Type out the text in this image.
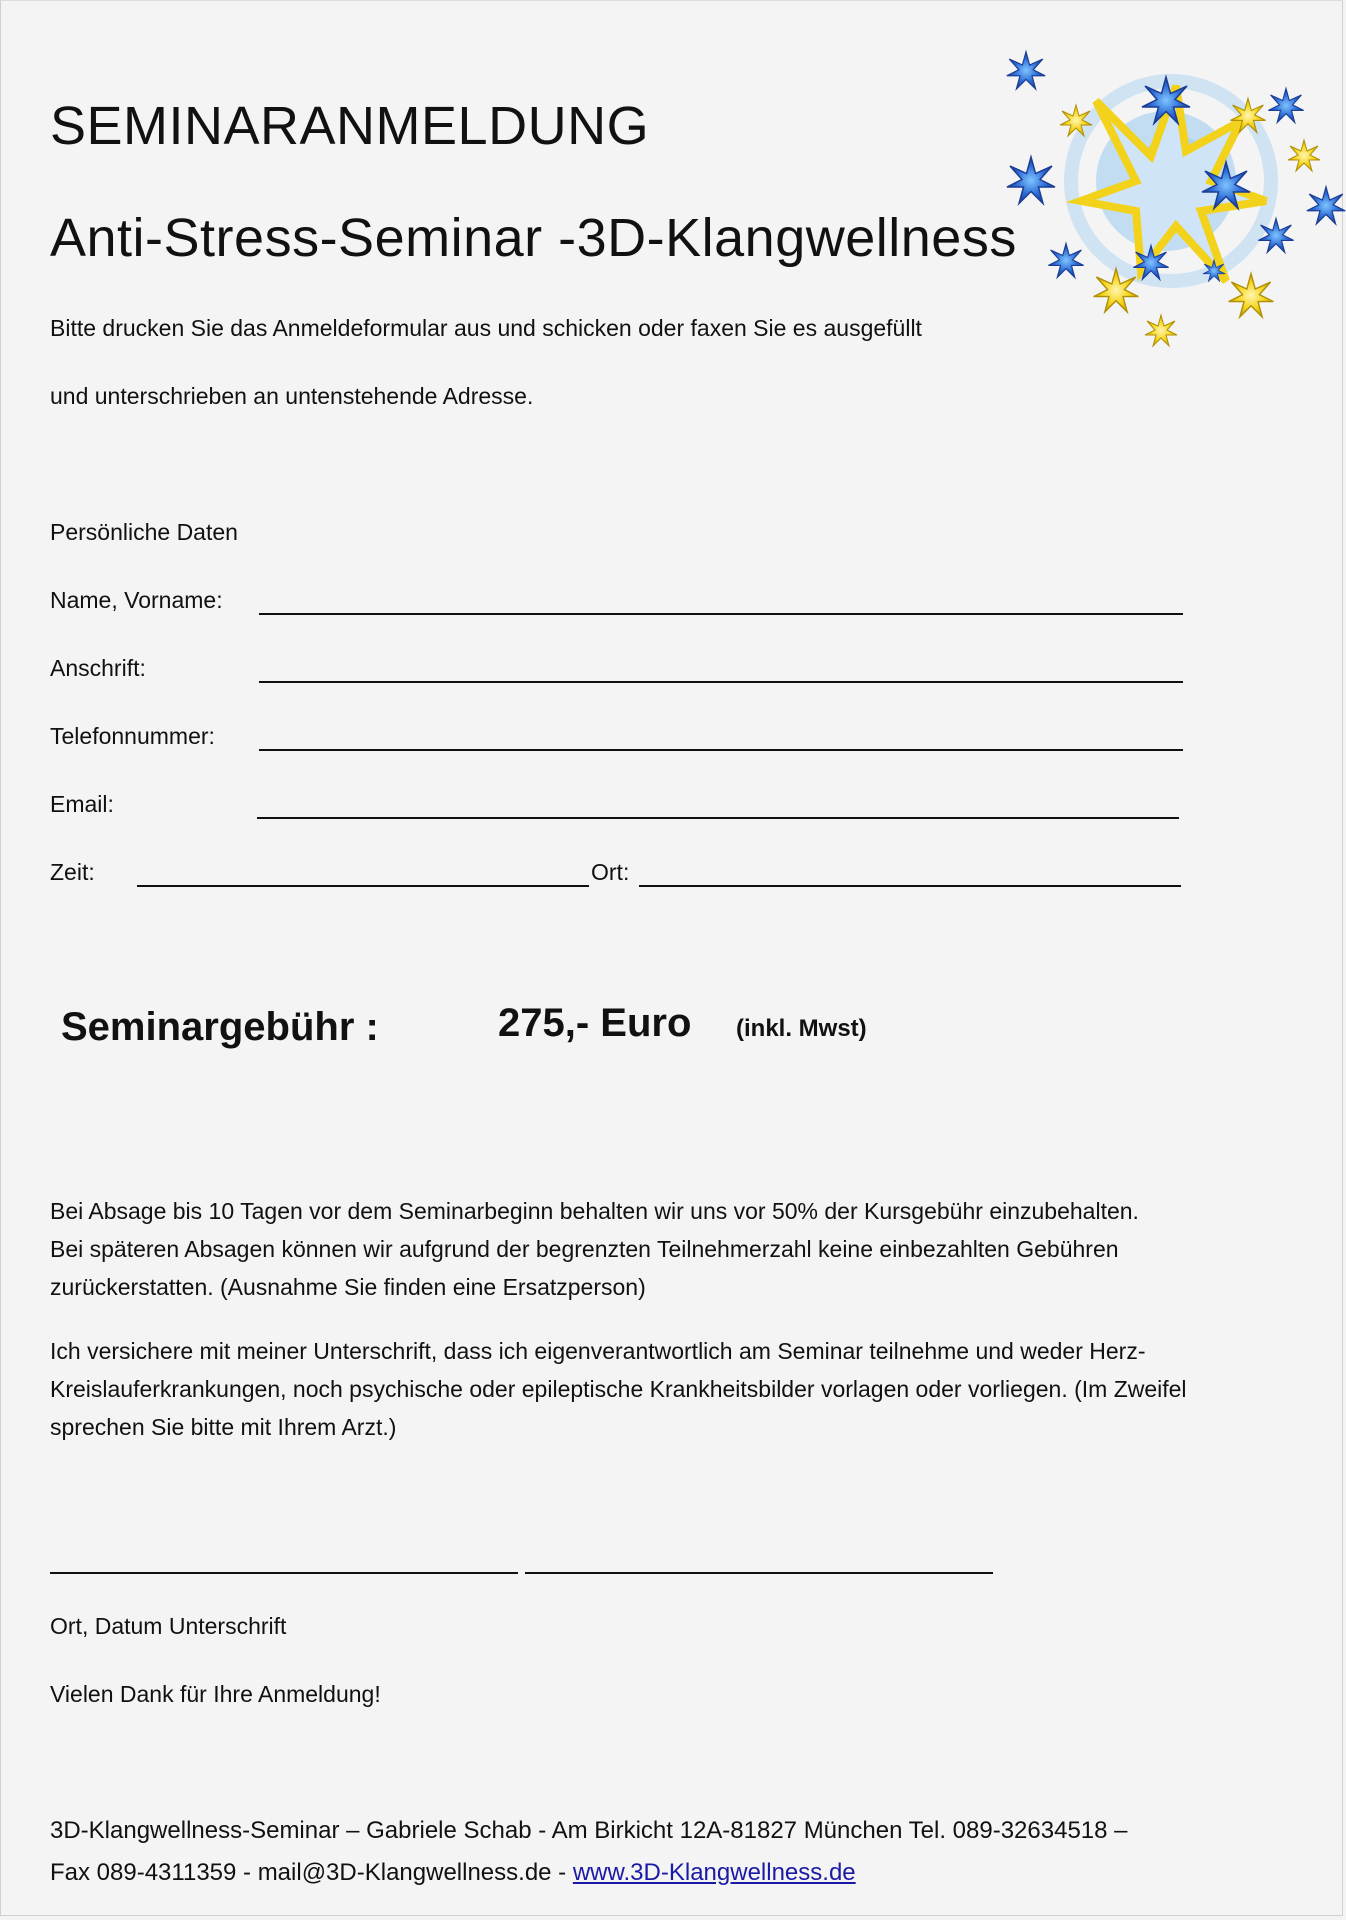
SEMINARANMELDUNG
Anti-Stress-Seminar -3D-Klangwellness
Bitte drucken Sie das Anmeldeformular aus und schicken oder faxen Sie es ausgefüllt
und unterschrieben an untenstehende Adresse.
Persönliche Daten
Name, Vorname:
Anschrift:
Telefonnummer:
Email:
Zeit:	Ort:
Seminargebühr :	275,- Euro (inkl. Mwst)
Bei Absage bis 10 Tagen vor dem Seminarbeginn behalten wir uns vor 50% der Kursgebühr einzubehalten.
Bei späteren Absagen können wir aufgrund der begrenzten Teilnehmerzahl keine einbezahlten Gebühren
zurückerstatten. (Ausnahme Sie finden eine Ersatzperson)
Ich versichere mit meiner Unterschrift, dass ich eigenverantwortlich am Seminar teilnehme und weder Herz-
Kreislauferkrankungen, noch psychische oder epileptische Krankheitsbilder vorlagen oder vorliegen. (Im Zweifel
sprechen Sie bitte mit Ihrem Arzt.)
Ort, Datum Unterschrift
Vielen Dank für Ihre Anmeldung!
3D-Klangwellness-Seminar – Gabriele Schab - Am Birkicht 12A-81827 München Tel. 089-32634518 –
Fax 089-4311359 - mail@3D-Klangwellness.de - www.3D-Klangwellness.de
